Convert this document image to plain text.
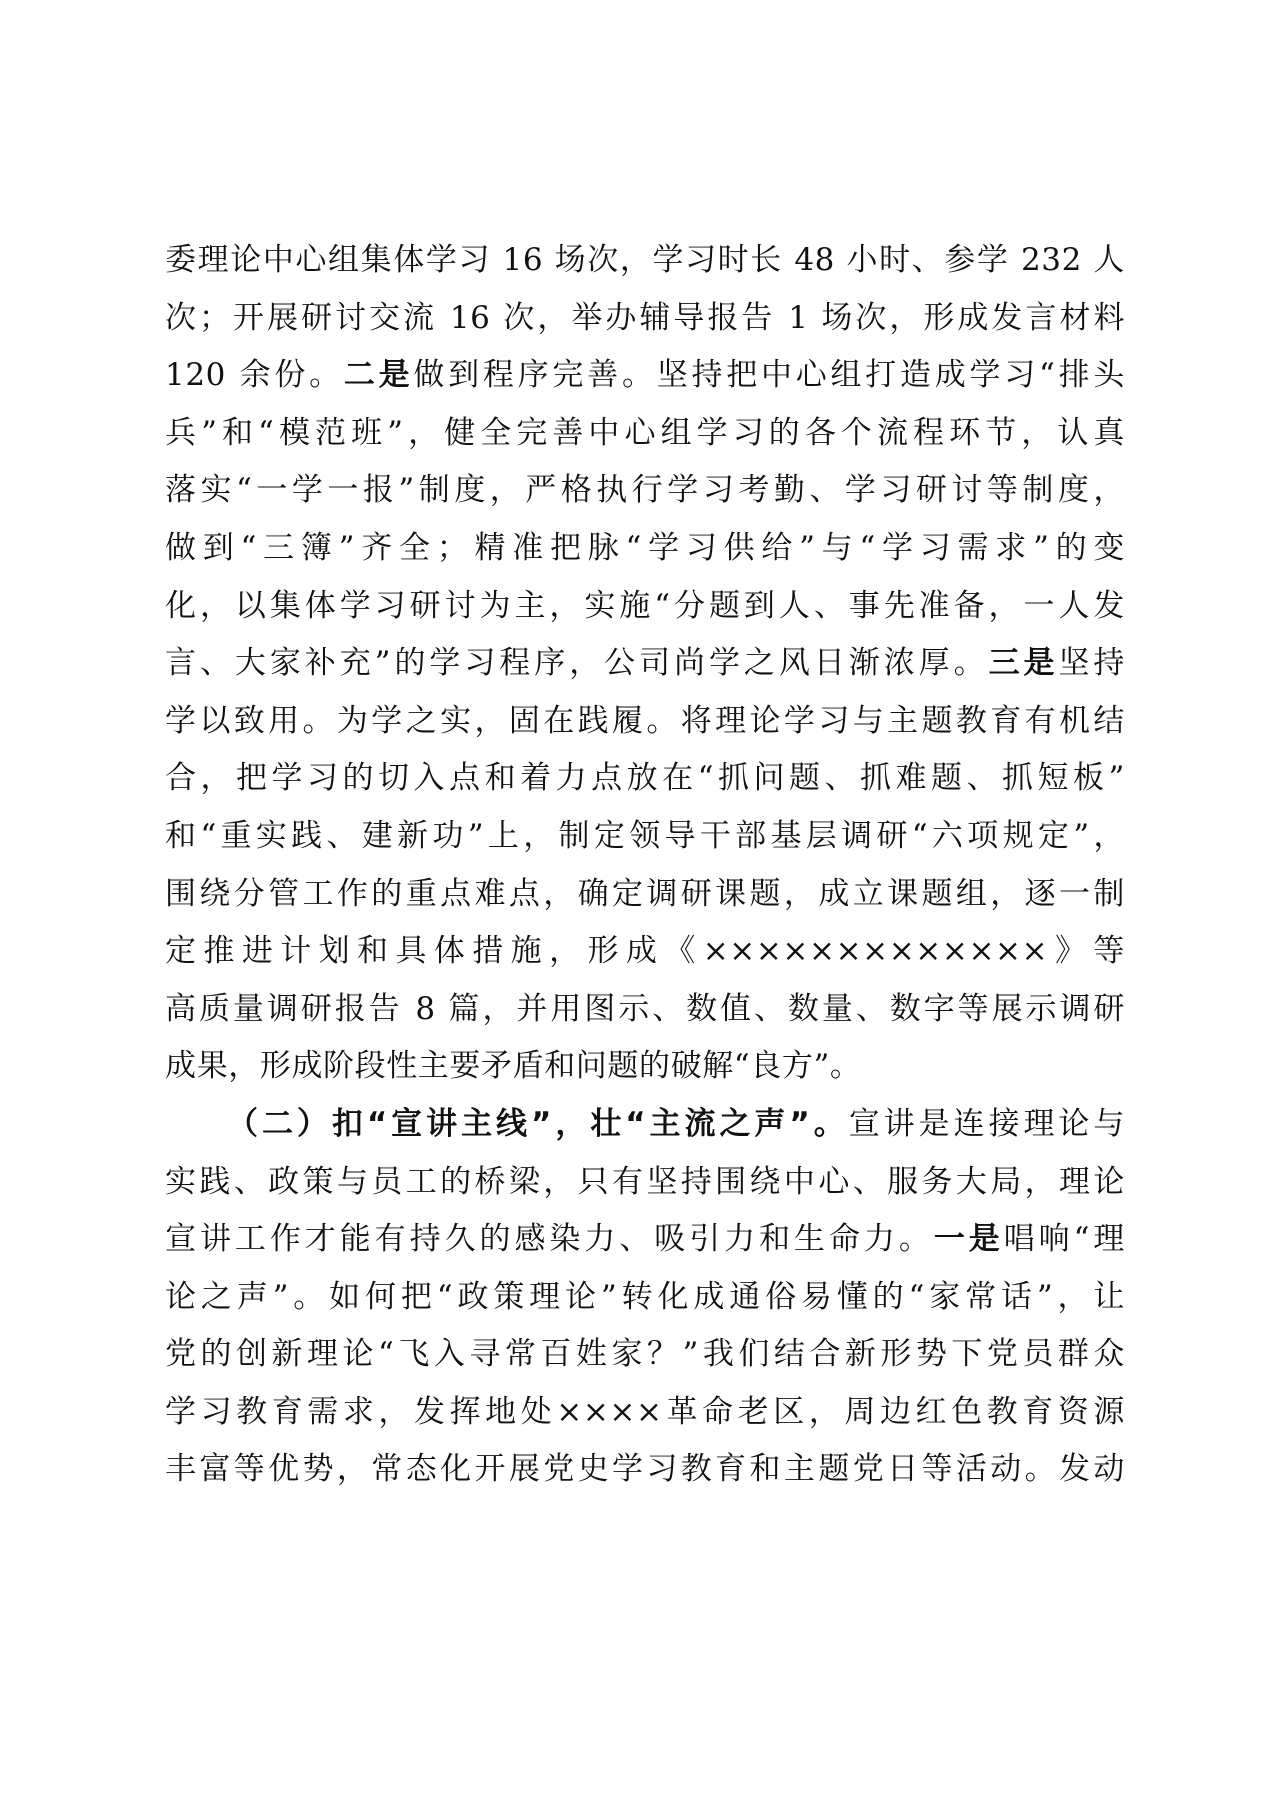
委理论中心组集体学习 16 场次，学习时长 48 小时、参学 232 人
次；开展研讨交流 16 次，举办辅导报告 1 场次，形成发言材料
120 余份。二是做到程序完善。坚持把中心组打造成学习“排头
兵”和“模范班”，健全完善中心组学习的各个流程环节，认真
落实“一学一报”制度，严格执行学习考勤、学习研讨等制度，
做到“三簿”齐全；精准把脉“学习供给”与“学习需求”的变
化，以集体学习研讨为主，实施“分题到人、事先准备，一人发
言、大家补充”的学习程序，公司尚学之风日渐浓厚。三是坚持
学以致用。为学之实，固在践履。将理论学习与主题教育有机结
合，把学习的切入点和着力点放在“抓问题、抓难题、抓短板”
和“重实践、建新功”上，制定领导干部基层调研“六项规定”，
围绕分管工作的重点难点，确定调研课题，成立课题组，逐一制
定推进计划和具体措施，形成《×××××××××××××》等
高质量调研报告 8 篇，并用图示、数值、数量、数字等展示调研
成果，形成阶段性主要矛盾和问题的破解“良方”。
（二）扣“宣讲主线”，壮“主流之声”。宣讲是连接理论与
实践、政策与员工的桥梁，只有坚持围绕中心、服务大局，理论
宣讲工作才能有持久的感染力、吸引力和生命力。一是唱响“理
论之声”。如何把“政策理论”转化成通俗易懂的“家常话”，让
党的创新理论“飞入寻常百姓家？”我们结合新形势下党员群众
学习教育需求，发挥地处××××革命老区，周边红色教育资源
丰富等优势，常态化开展党史学习教育和主题党日等活动。发动
